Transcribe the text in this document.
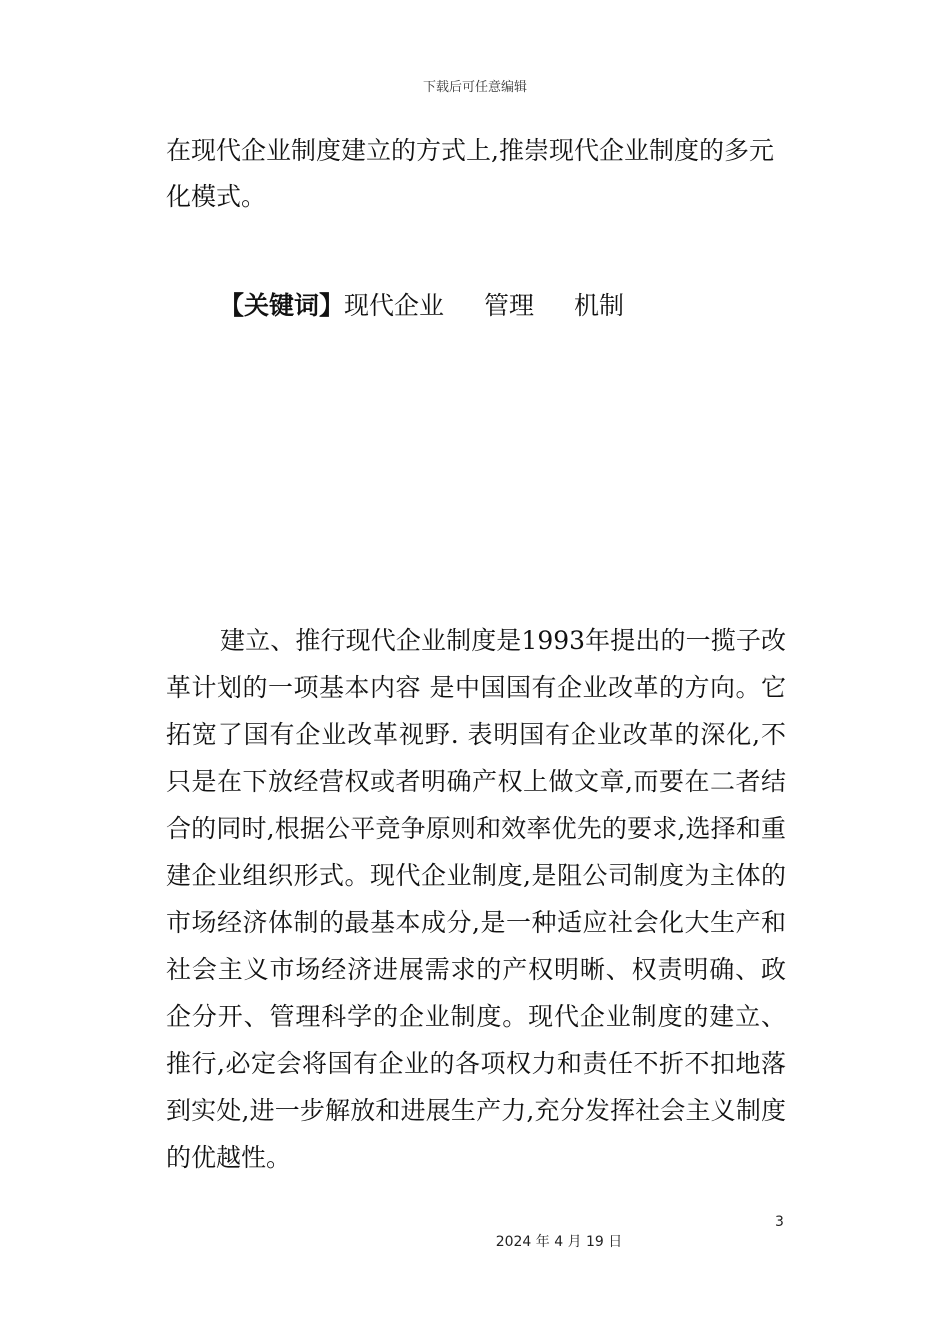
下载后可任意编辑

在现代企业制度建立的方式上,推崇现代企业制度的多元化模式。

【关键词】现代企业 管理 机制

建立、推行现代企业制度是1993年提出的一揽子改革计划的一项基本内容 是中国国有企业改革的方向。它拓宽了国有企业改革视野. 表明国有企业改革的深化,不只是在下放经营权或者明确产权上做文章,而要在二者结合的同时,根据公平竞争原则和效率优先的要求,选择和重建企业组织形式。现代企业制度,是阻公司制度为主体的市场经济体制的最基本成分,是一种适应社会化大生产和社会主义市场经济进展需求的产权明晰、权责明确、政企分开、管理科学的企业制度。现代企业制度的建立、推行,必定会将国有企业的各项权力和责任不折不扣地落到实处,进一步解放和进展生产力,充分发挥社会主义制度的优越性。

3
2024 年 4 月 19 日
